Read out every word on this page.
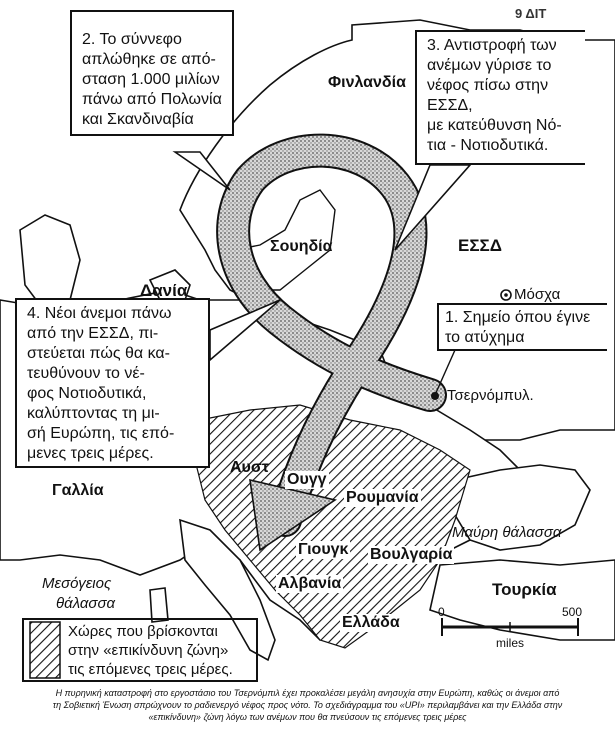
2. Το σύννεφο
απλώθηκε σε από-
σταση 1.000 μιλίων
πάνω από Πολωνία
και Σκανδιναβία
3. Αντιστροφή των
ανέμων γύρισε το
νέφος πίσω στην
ΕΣΣΔ,
με κατεύθυνση Νό-
τια - Νοτιοδυτικά.
4. Νέοι άνεμοι πάνω
από την ΕΣΣΔ, πι-
στεύεται πώς θα κα-
τευθύνουν το νέ-
φος Νοτιοδυτικά,
καλύπτοντας τη μι-
σή Ευρώπη, τις επό-
μενες τρεις μέρες.
1. Σημείο όπου έγινε
το ατύχημα
9 ΔΙΤ
Φινλανδία
Σουηδία	ΕΣΣΔ
Μόσχα
Δανία
Τσερνόμπυλ.
Αυστ
Ουγγ
Ρουμανία
Γαλλία
Μαύρη θάλασσα
Γιουγκ Βουλγαρία
Μεσόγειος
θάλασσα
Αλβανία	Τουρκία
Ελλάδα
0	500
miles
Χώρες που βρίσκονται
στην «επικίνδυνη ζώνη»
τις επόμενες τρεις μέρες.
Η πυρηνική καταστροφή στο εργοστάσιο του Τσερνόμπιλ έχει προκαλέσει μεγάλη ανησυχία στην Ευρώπη, καθώς οι άνεμοι από
τη Σοβιετική Ένωση σπρώχνουν το ραδιενεργό νέφος προς νότο. Το σχεδιάγραμμα του «UPI» περιλαμβάνει και την Ελλάδα στην
«επικίνδυνη» ζώνη λόγω των ανέμων που θα πνεύσουν τις επόμενες τρεις μέρες
